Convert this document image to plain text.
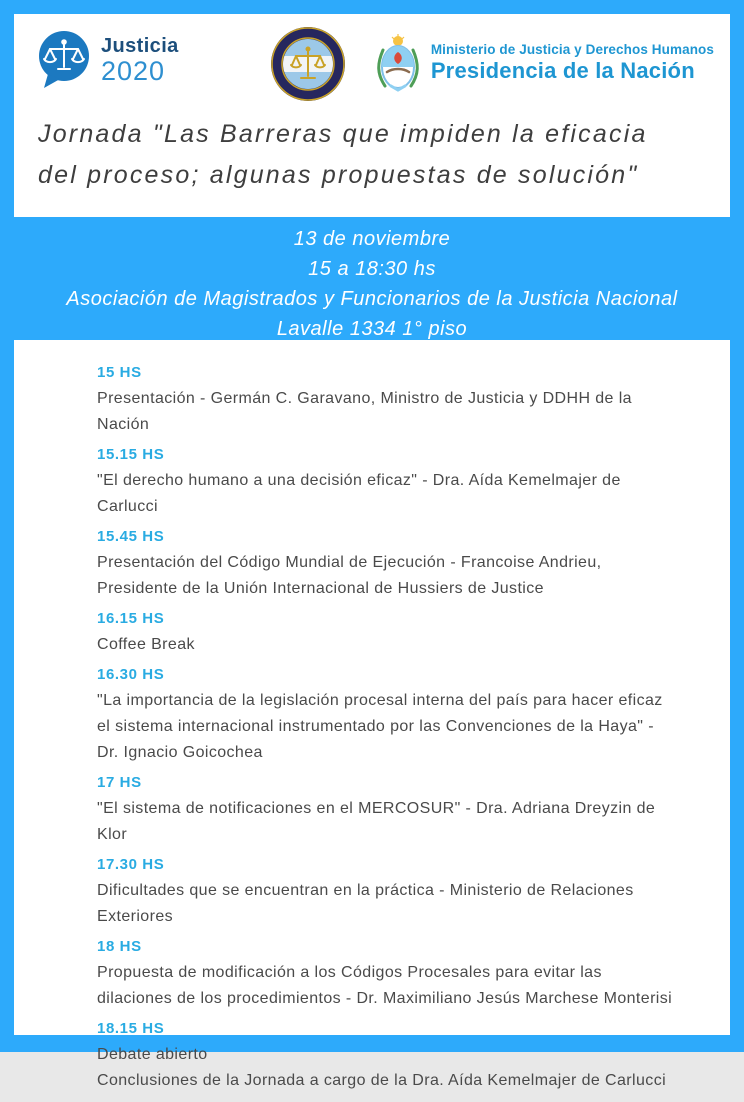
Justicia
2020
Ministerio de Justicia y Derechos Humanos
Presidencia de la Nación
Jornada "Las Barreras que impiden la eficacia
del proceso; algunas propuestas de solución"
15 HS
Presentación - Germán C. Garavano, Ministro de Justicia y DDHH de la Nación
15.15 HS
"El derecho humano a una decisión eficaz" - Dra. Aída Kemelmajer de Carlucci
15.45 HS
Presentación del Código Mundial de Ejecución - Francoise Andrieu, Presidente de la Unión Internacional de Hussiers de Justice
16.15 HS
Coffee Break
16.30 HS
"La importancia de la legislación procesal interna del país para hacer eficaz el sistema internacional instrumentado por las Convenciones de la Haya" - Dr. Ignacio Goicochea
17 HS
"El sistema de notificaciones en el MERCOSUR" - Dra. Adriana Dreyzin de Klor
17.30 HS
Dificultades que se encuentran en la práctica - Ministerio de Relaciones Exteriores
18 HS
Propuesta de modificación a los Códigos Procesales para evitar las dilaciones de los procedimientos - Dr. Maximiliano Jesús Marchese Monterisi
18.15 HS
Debate abierto
Conclusiones de la Jornada a cargo de la Dra. Aída Kemelmajer de Carlucci
13 de noviembre
15 a 18:30 hs
Asociación de Magistrados y Funcionarios de la Justicia Nacional
Lavalle 1334 1° piso
